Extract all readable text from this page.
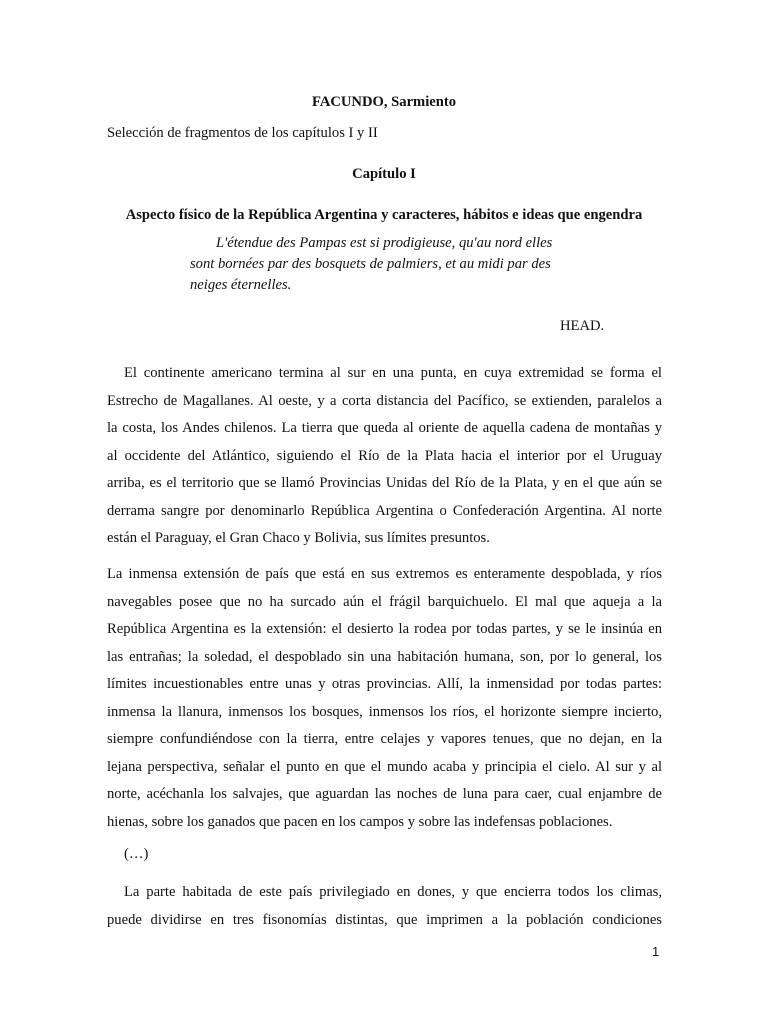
FACUNDO, Sarmiento
Selección de fragmentos de los capítulos I y II
Capítulo I
Aspecto físico de la República Argentina y caracteres, hábitos e ideas que engendra
L'étendue des Pampas est si prodigieuse, qu'au nord elles
sont bornées par des bosquets de palmiers, et au midi par des
neiges éternelles.
HEAD.
El continente americano termina al sur en una punta, en cuya extremidad se forma el
Estrecho de Magallanes. Al oeste, y a corta distancia del Pacífico, se extienden, paralelos a
la costa, los Andes chilenos. La tierra que queda al oriente de aquella cadena de montañas y
al occidente del Atlántico, siguiendo el Río de la Plata hacia el interior por el Uruguay
arriba, es el territorio que se llamó Provincias Unidas del Río de la Plata, y en el que aún se
derrama sangre por denominarlo República Argentina o Confederación Argentina. Al norte
están el Paraguay, el Gran Chaco y Bolivia, sus límites presuntos.
La inmensa extensión de país que está en sus extremos es enteramente despoblada, y ríos
navegables posee que no ha surcado aún el frágil barquichuelo. El mal que aqueja a la
República Argentina es la extensión: el desierto la rodea por todas partes, y se le insinúa en
las entrañas; la soledad, el despoblado sin una habitación humana, son, por lo general, los
límites incuestionables entre unas y otras provincias. Allí, la inmensidad por todas partes:
inmensa la llanura, inmensos los bosques, inmensos los ríos, el horizonte siempre incierto,
siempre confundiéndose con la tierra, entre celajes y vapores tenues, que no dejan, en la
lejana perspectiva, señalar el punto en que el mundo acaba y principia el cielo. Al sur y al
norte, acéchanla los salvajes, que aguardan las noches de luna para caer, cual enjambre de
hienas, sobre los ganados que pacen en los campos y sobre las indefensas poblaciones.
(…)
La parte habitada de este país privilegiado en dones, y que encierra todos los climas,
puede dividirse en tres fisonomías distintas, que imprimen a la población condiciones
1
